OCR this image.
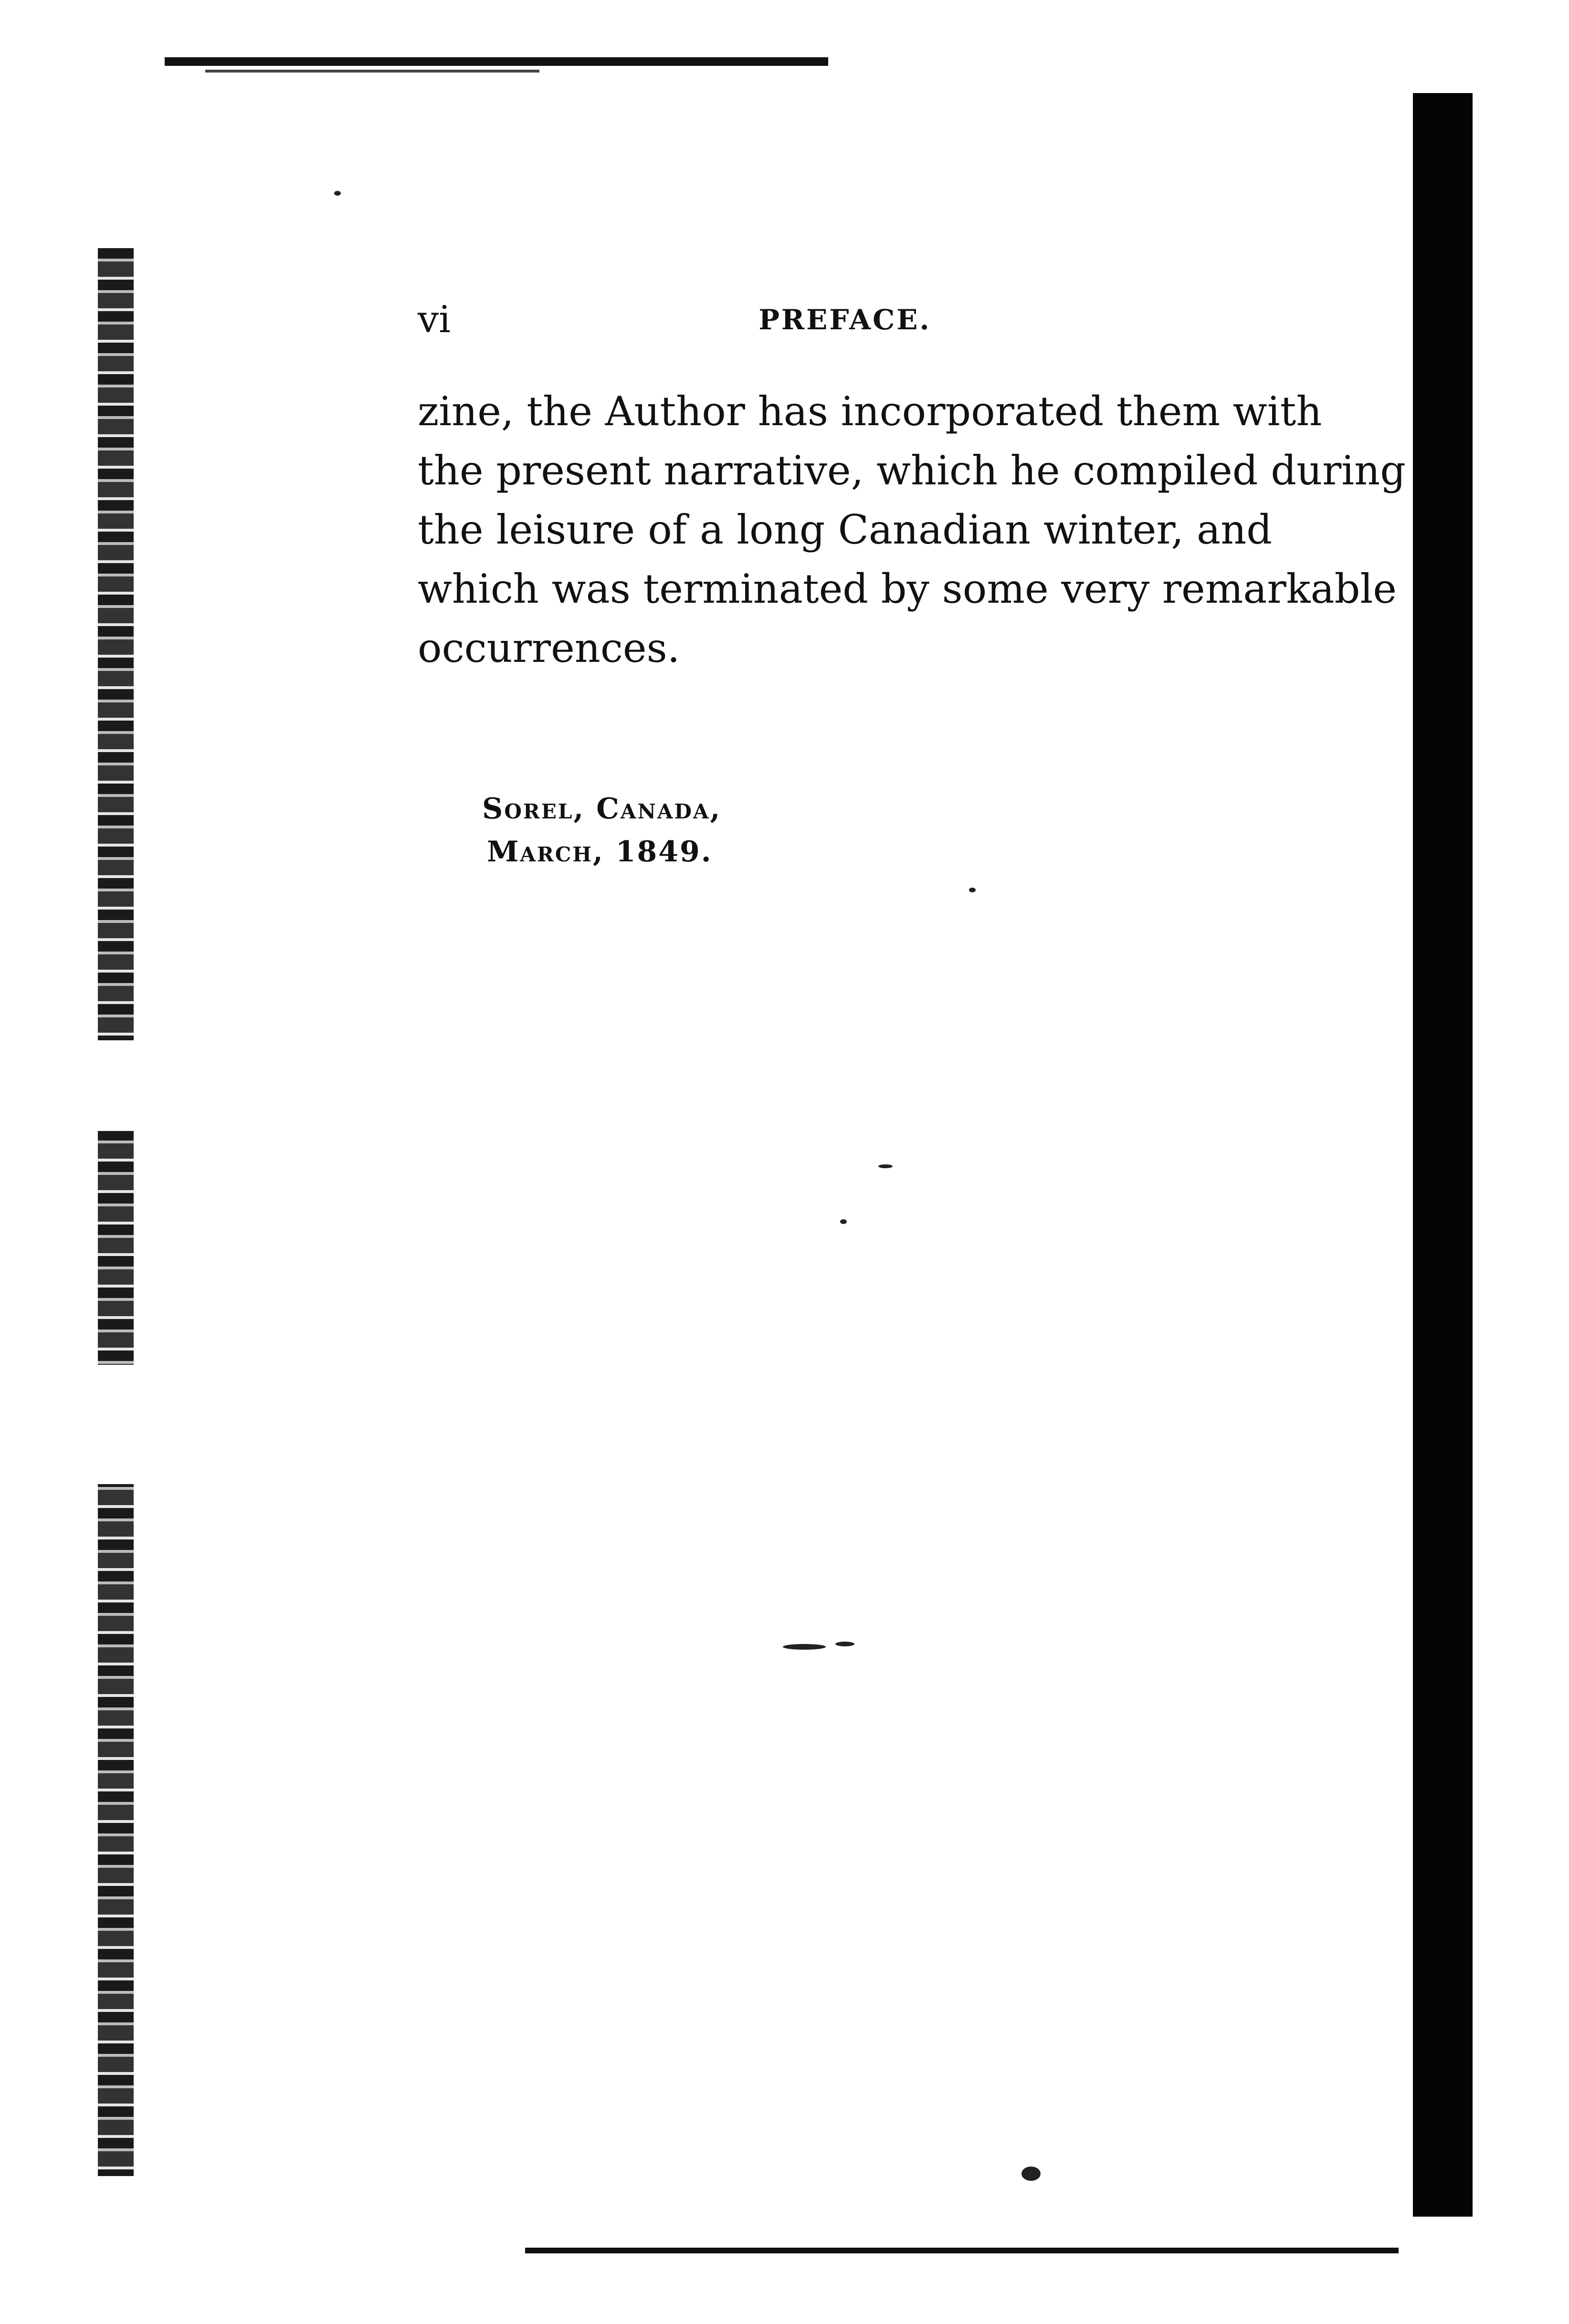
vi	PREFACE.
zine, the Author has incorporated them with
the present narrative, which he compiled during
the leisure of a long Canadian winter, and
which was terminated by some very remarkable
occurrences.
Sorel, Canada,
March, 1849.
